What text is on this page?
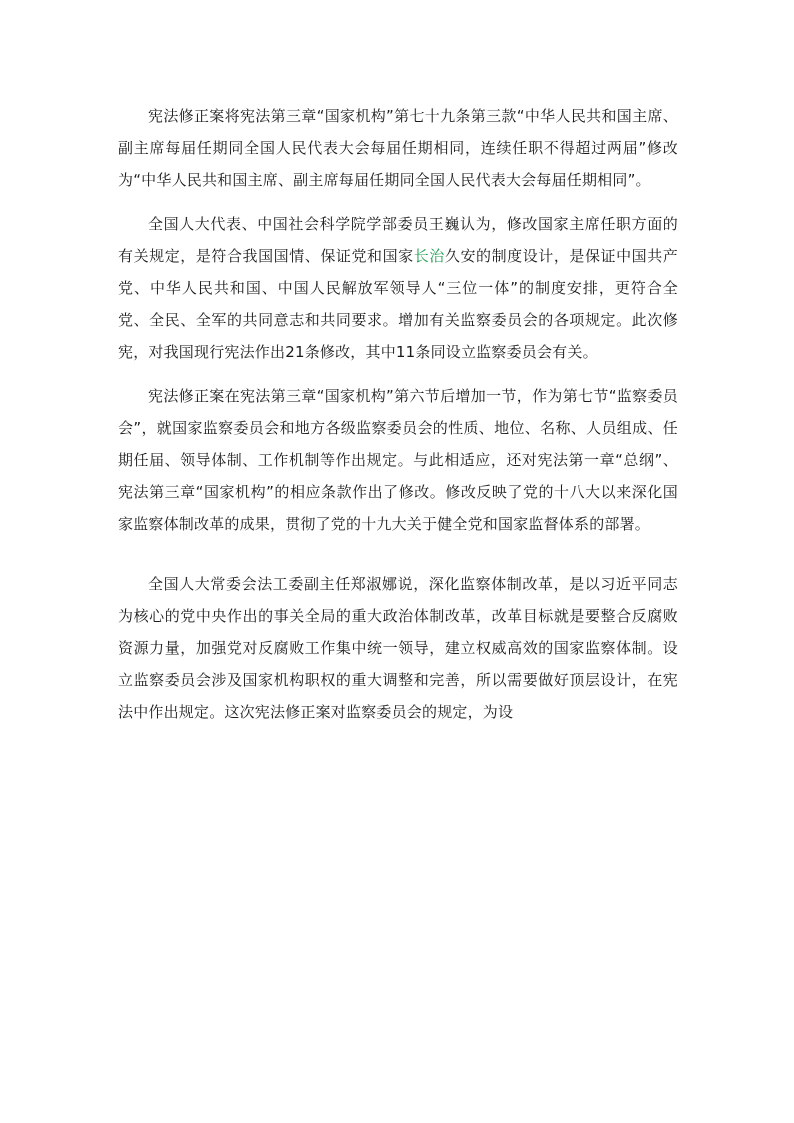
宪法修正案将宪法第三章“国家机构”第七十九条第三款“中华人民共和国主席、副主席每届任期同全国人民代表大会每届任期相同，连续任职不得超过两届”修改为“中华人民共和国主席、副主席每届任期同全国人民代表大会每届任期相同”。

全国人大代表、中国社会科学院学部委员王巍认为，修改国家主席任职方面的有关规定，是符合我国国情、保证党和国家长治久安的制度设计，是保证中国共产党、中华人民共和国、中国人民解放军领导人“三位一体”的制度安排，更符合全党、全民、全军的共同意志和共同要求。增加有关监察委员会的各项规定。此次修宪，对我国现行宪法作出21条修改，其中11条同设立监察委员会有关。

宪法修正案在宪法第三章“国家机构”第六节后增加一节，作为第七节“监察委员会”，就国家监察委员会和地方各级监察委员会的性质、地位、名称、人员组成、任期任届、领导体制、工作机制等作出规定。与此相适应，还对宪法第一章“总纲”、宪法第三章“国家机构”的相应条款作出了修改。修改反映了党的十八大以来深化国家监察体制改革的成果，贯彻了党的十九大关于健全党和国家监督体系的部署。

全国人大常委会法工委副主任郑淑娜说，深化监察体制改革，是以习近平同志为核心的党中央作出的事关全局的重大政治体制改革，改革目标就是要整合反腐败资源力量，加强党对反腐败工作集中统一领导，建立权威高效的国家监察体制。设立监察委员会涉及国家机构职权的重大调整和完善，所以需要做好顶层设计，在宪法中作出规定。这次宪法修正案对监察委员会的规定，为设
